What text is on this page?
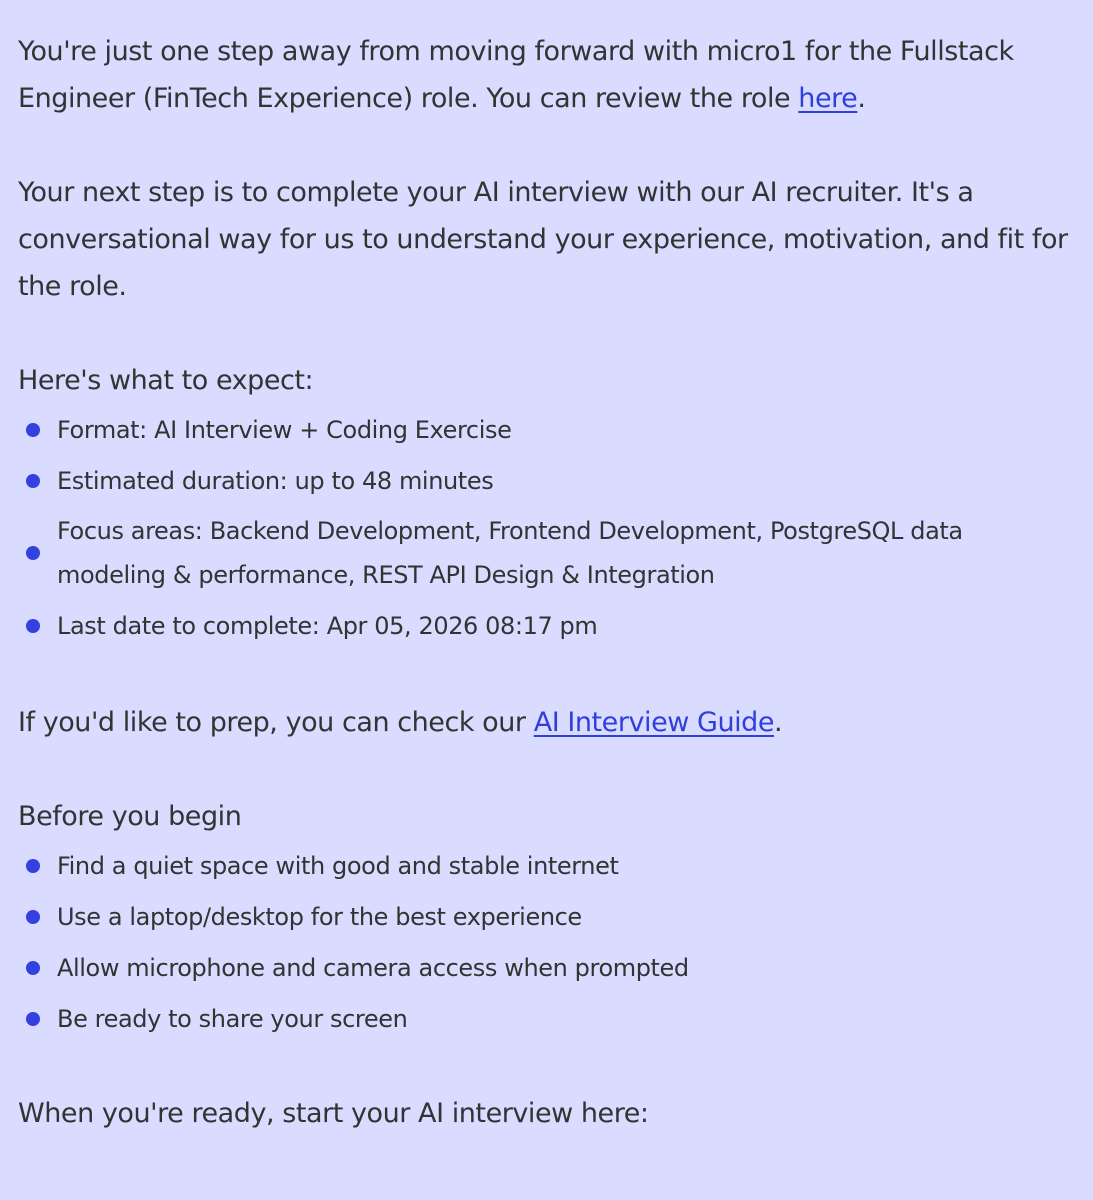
You're just one step away from moving forward with micro1 for the Fullstack Engineer (FinTech Experience) role. You can review the role here.

Your next step is to complete your AI interview with our AI recruiter. It's a conversational way for us to understand your experience, motivation, and fit for the role.

Here's what to expect:

Format: AI Interview + Coding Exercise
Estimated duration: up to 48 minutes
Focus areas: Backend Development, Frontend Development, PostgreSQL data modeling & performance, REST API Design & Integration
Last date to complete: Apr 05, 2026 08:17 pm

If you'd like to prep, you can check our AI Interview Guide.

Before you begin

Find a quiet space with good and stable internet
Use a laptop/desktop for the best experience
Allow microphone and camera access when prompted
Be ready to share your screen

When you're ready, start your AI interview here:
